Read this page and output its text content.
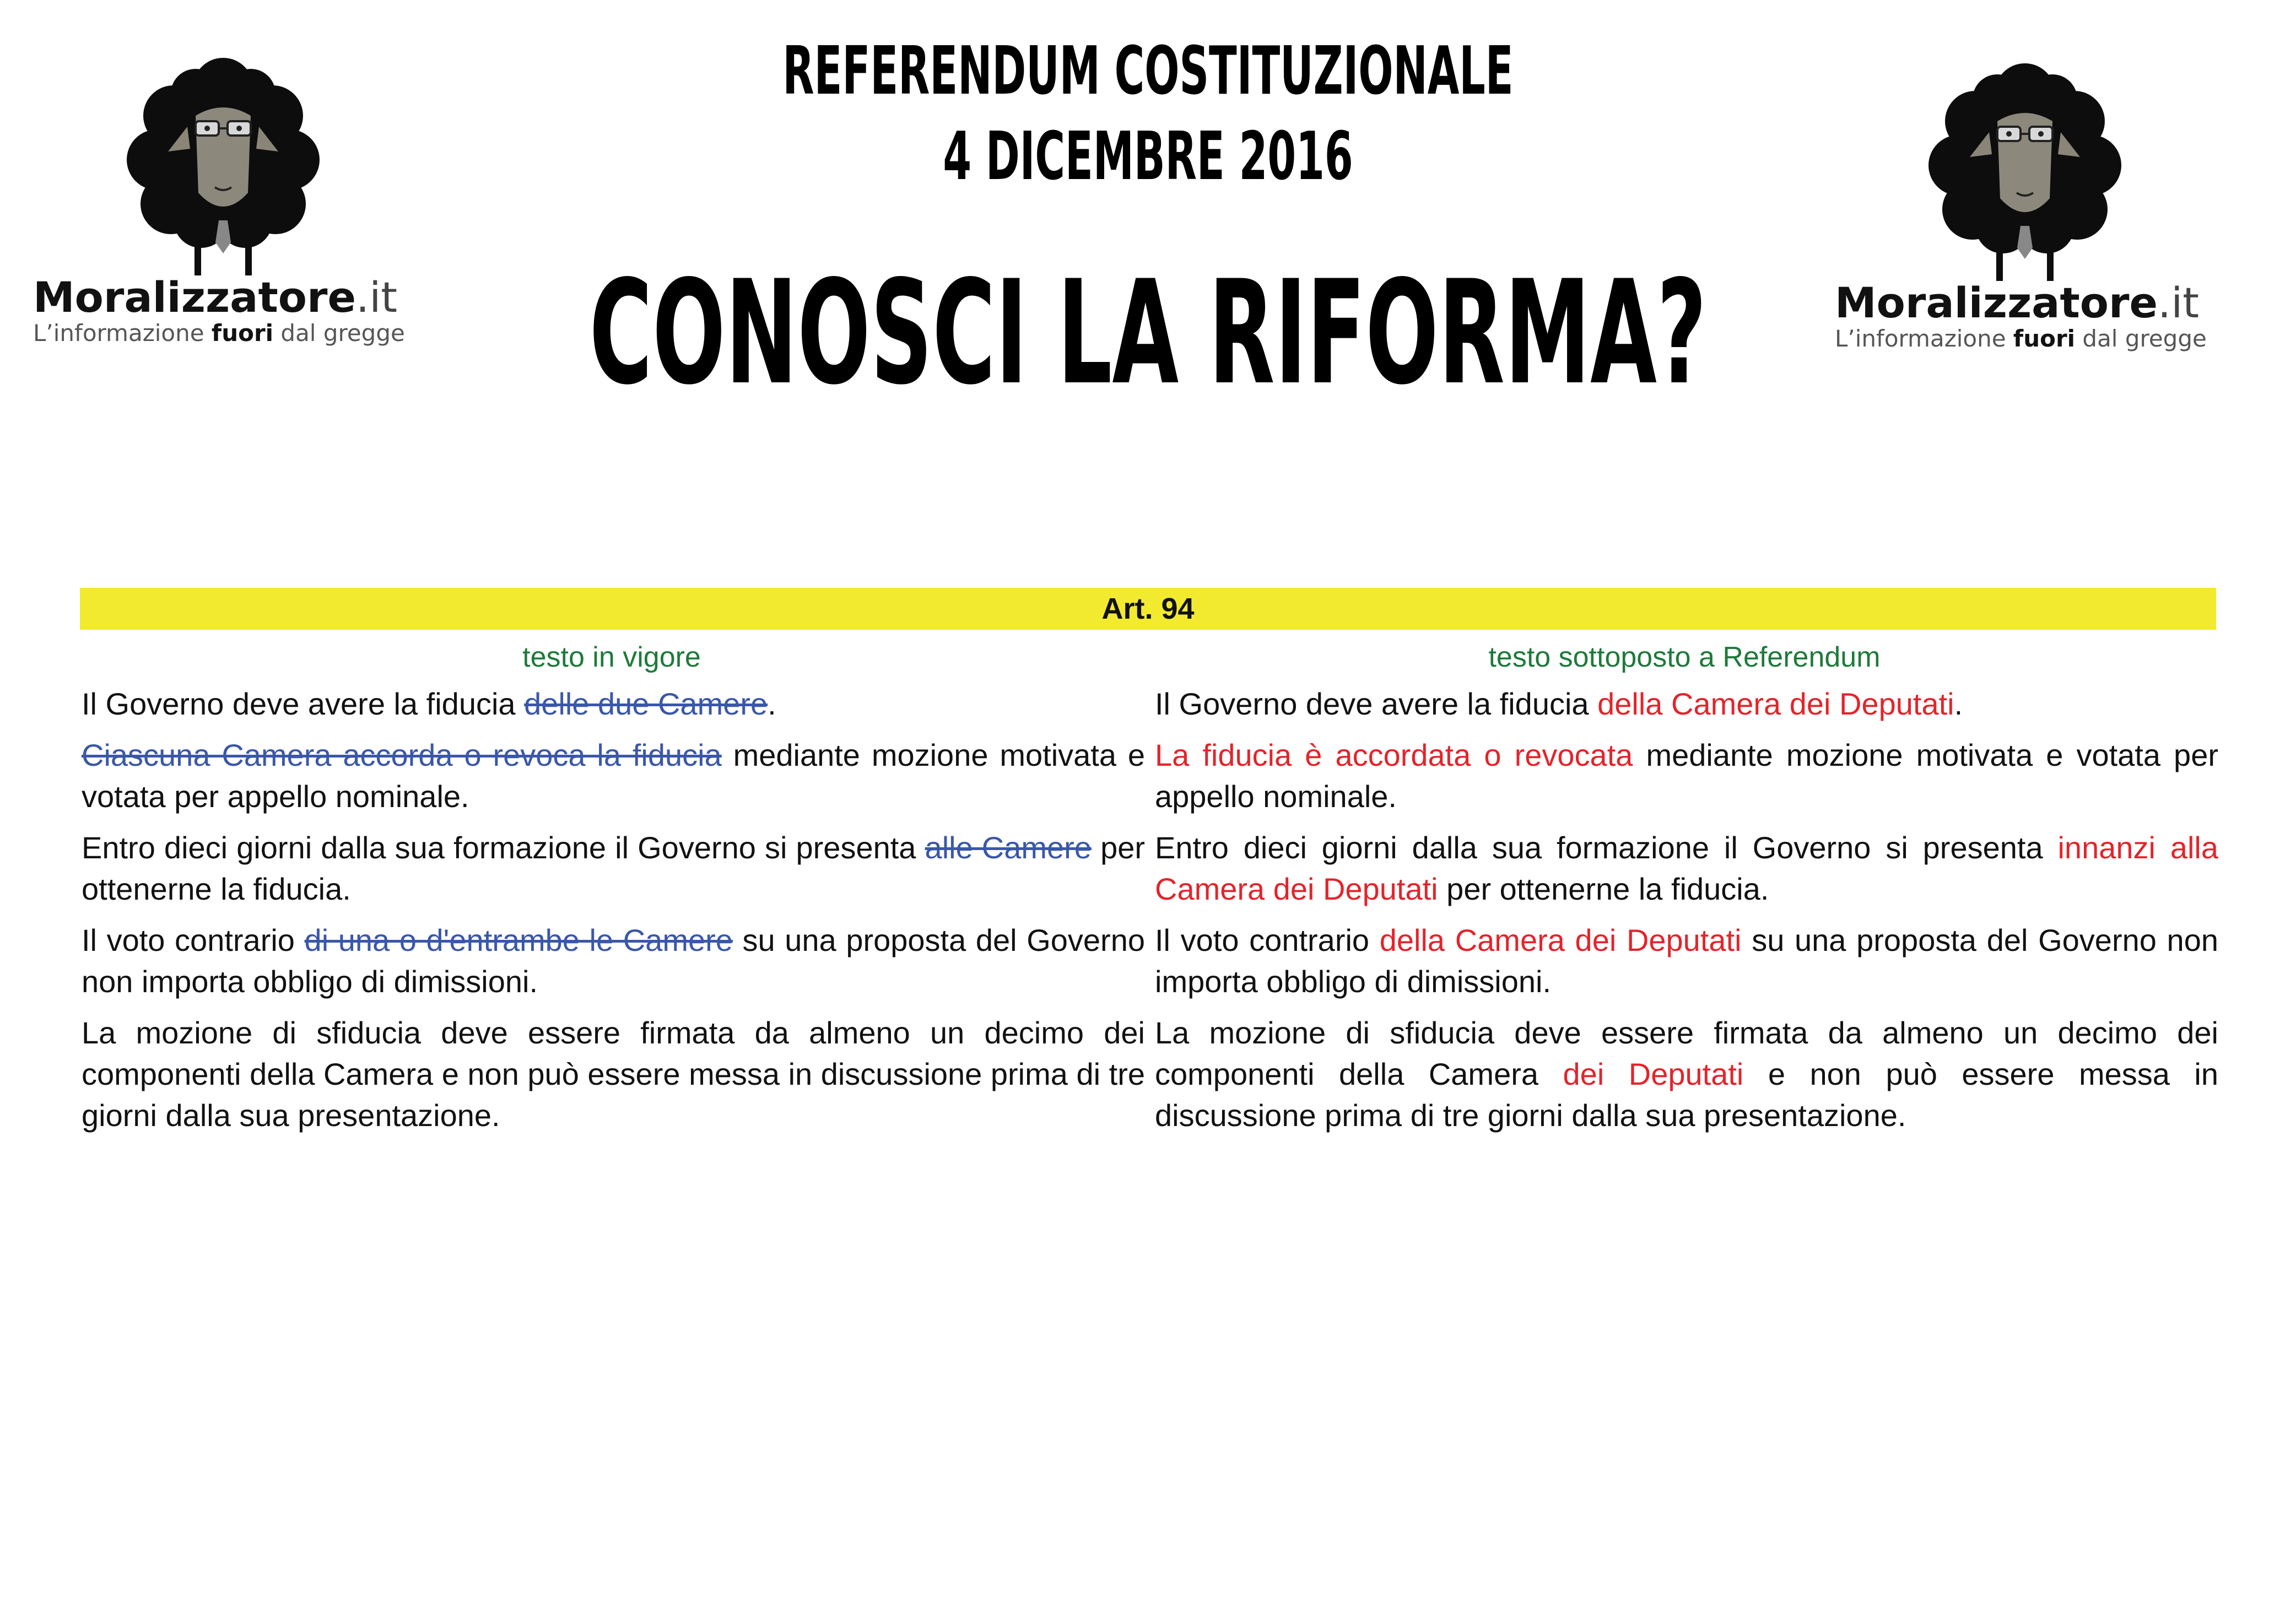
REFERENDUM COSTITUZIONALE
4 DICEMBRE 2016
CONOSCI LA RIFORMA?
Moralizzatore.it
L’informazione fuori dal gregge
Moralizzatore.it
L’informazione fuori dal gregge
Art. 94
testo in vigore	testo sottoposto a Referendum

Il Governo deve avere la fiducia delle due Camere.

Ciascuna Camera accorda o revoca la fiducia mediante mozione motivata e votata per appello nominale.

Entro dieci giorni dalla sua formazione il Governo si presenta alle Camere per ottenerne la fiducia.

Il voto contrario di una o d'entrambe le Camere su una proposta del Governo non importa obbligo di dimissioni.

La mozione di sfiducia deve essere firmata da almeno un decimo dei componenti della Camera e non può essere messa in discussione prima di tre giorni dalla sua presentazione.

Il Governo deve avere la fiducia della Camera dei Deputati.

La fiducia è accordata o revocata mediante mozione motivata e votata per appello nominale.

Entro dieci giorni dalla sua formazione il Governo si presenta innanzi alla Camera dei Deputati per ottenerne la fiducia.

Il voto contrario della Camera dei Deputati su una proposta del Governo non importa obbligo di dimissioni.

La mozione di sfiducia deve essere firmata da almeno un decimo dei componenti della Camera dei Deputati e non può essere messa in discussione prima di tre giorni dalla sua presentazione.
